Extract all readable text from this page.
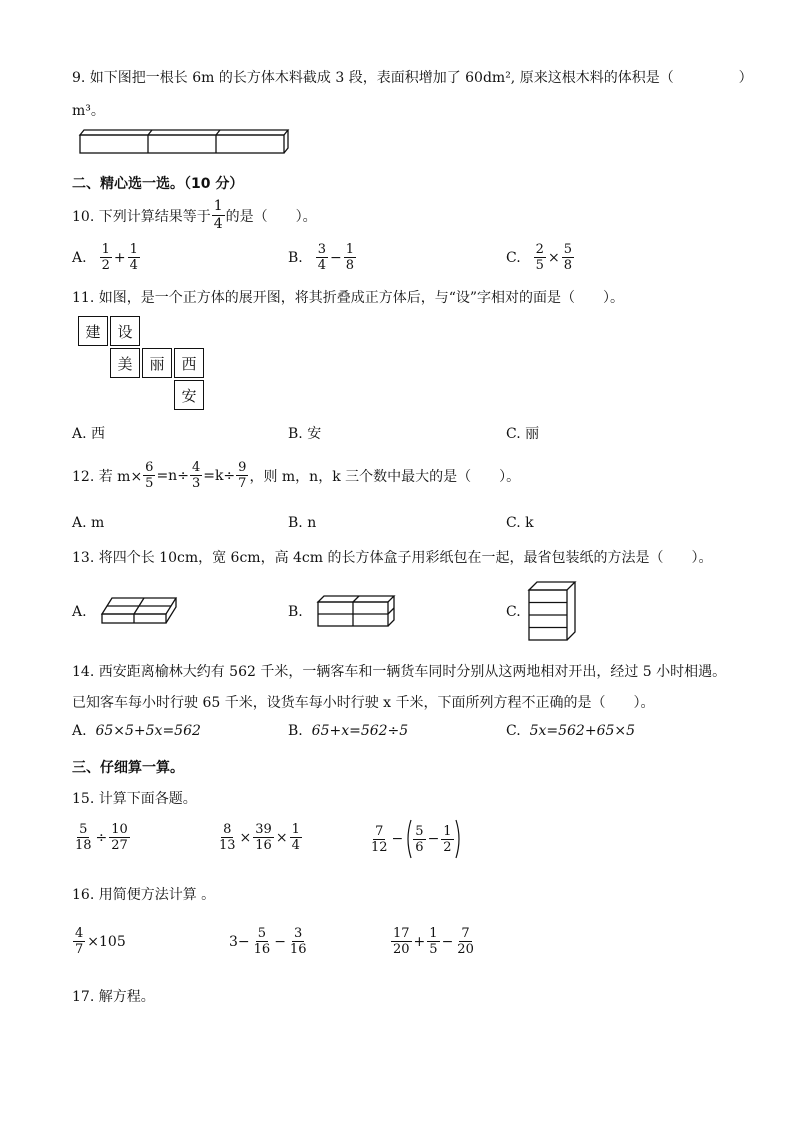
9. 如下图把一根长 6m 的长方体木料截成 3 段，表面积增加了 60dm², 原来这根木料的体积是（	）
m³。
二、精心选一选。（10 分）
10. 下列计算结果等于 $\frac{1}{4}$ 的是（　　）。
A. $\frac{1}{2} + \frac{1}{4}$	B. $\frac{3}{4} - \frac{1}{8}$	C. $\frac{2}{5} \times \frac{5}{8}$
11. 如图，是一个正方体的展开图，将其折叠成正方体后，与“设”字相对的面是（　　）。
建	设
美	丽	西
安
A. 西	B. 安	C. 丽
12. 若 $m\times \frac{6}{5} =n\div \frac{4}{3} =k\div \frac{9}{7}$ ，则 m，n，k 三个数中最大的是（　　）。
A. m	B. n	C. k
13. 将四个长 10cm，宽 6cm，高 4cm 的长方体盒子用彩纸包在一起，最省包装纸的方法是（　　）。
A.	B.	C.
14. 西安距离榆林大约有 562 千米，一辆客车和一辆货车同时分别从这两地相对开出，经过 5 小时相遇。
已知客车每小时行驶 65 千米，设货车每小时行驶 x 千米，下面所列方程不正确的是（　　）。
A. 65×5+5x=562	B. 65+x=562÷5	C. 5x=562+65×5
三、仔细算一算。
15. 计算下面各题。
$\frac{5}{18} \div \frac{10}{27}$	$\frac{8}{13} \times \frac{39}{16} \times \frac{1}{4}$	$\frac{7}{12} - \frac{5}{6} - \frac{1}{2}$
16. 用简便方法计算 。
$\frac{4}{7} \times 105$	$3- \frac{5}{16} - \frac{3}{16}$	$\frac{17}{20} + \frac{1}{5} - \frac{7}{20}$
17. 解方程。
